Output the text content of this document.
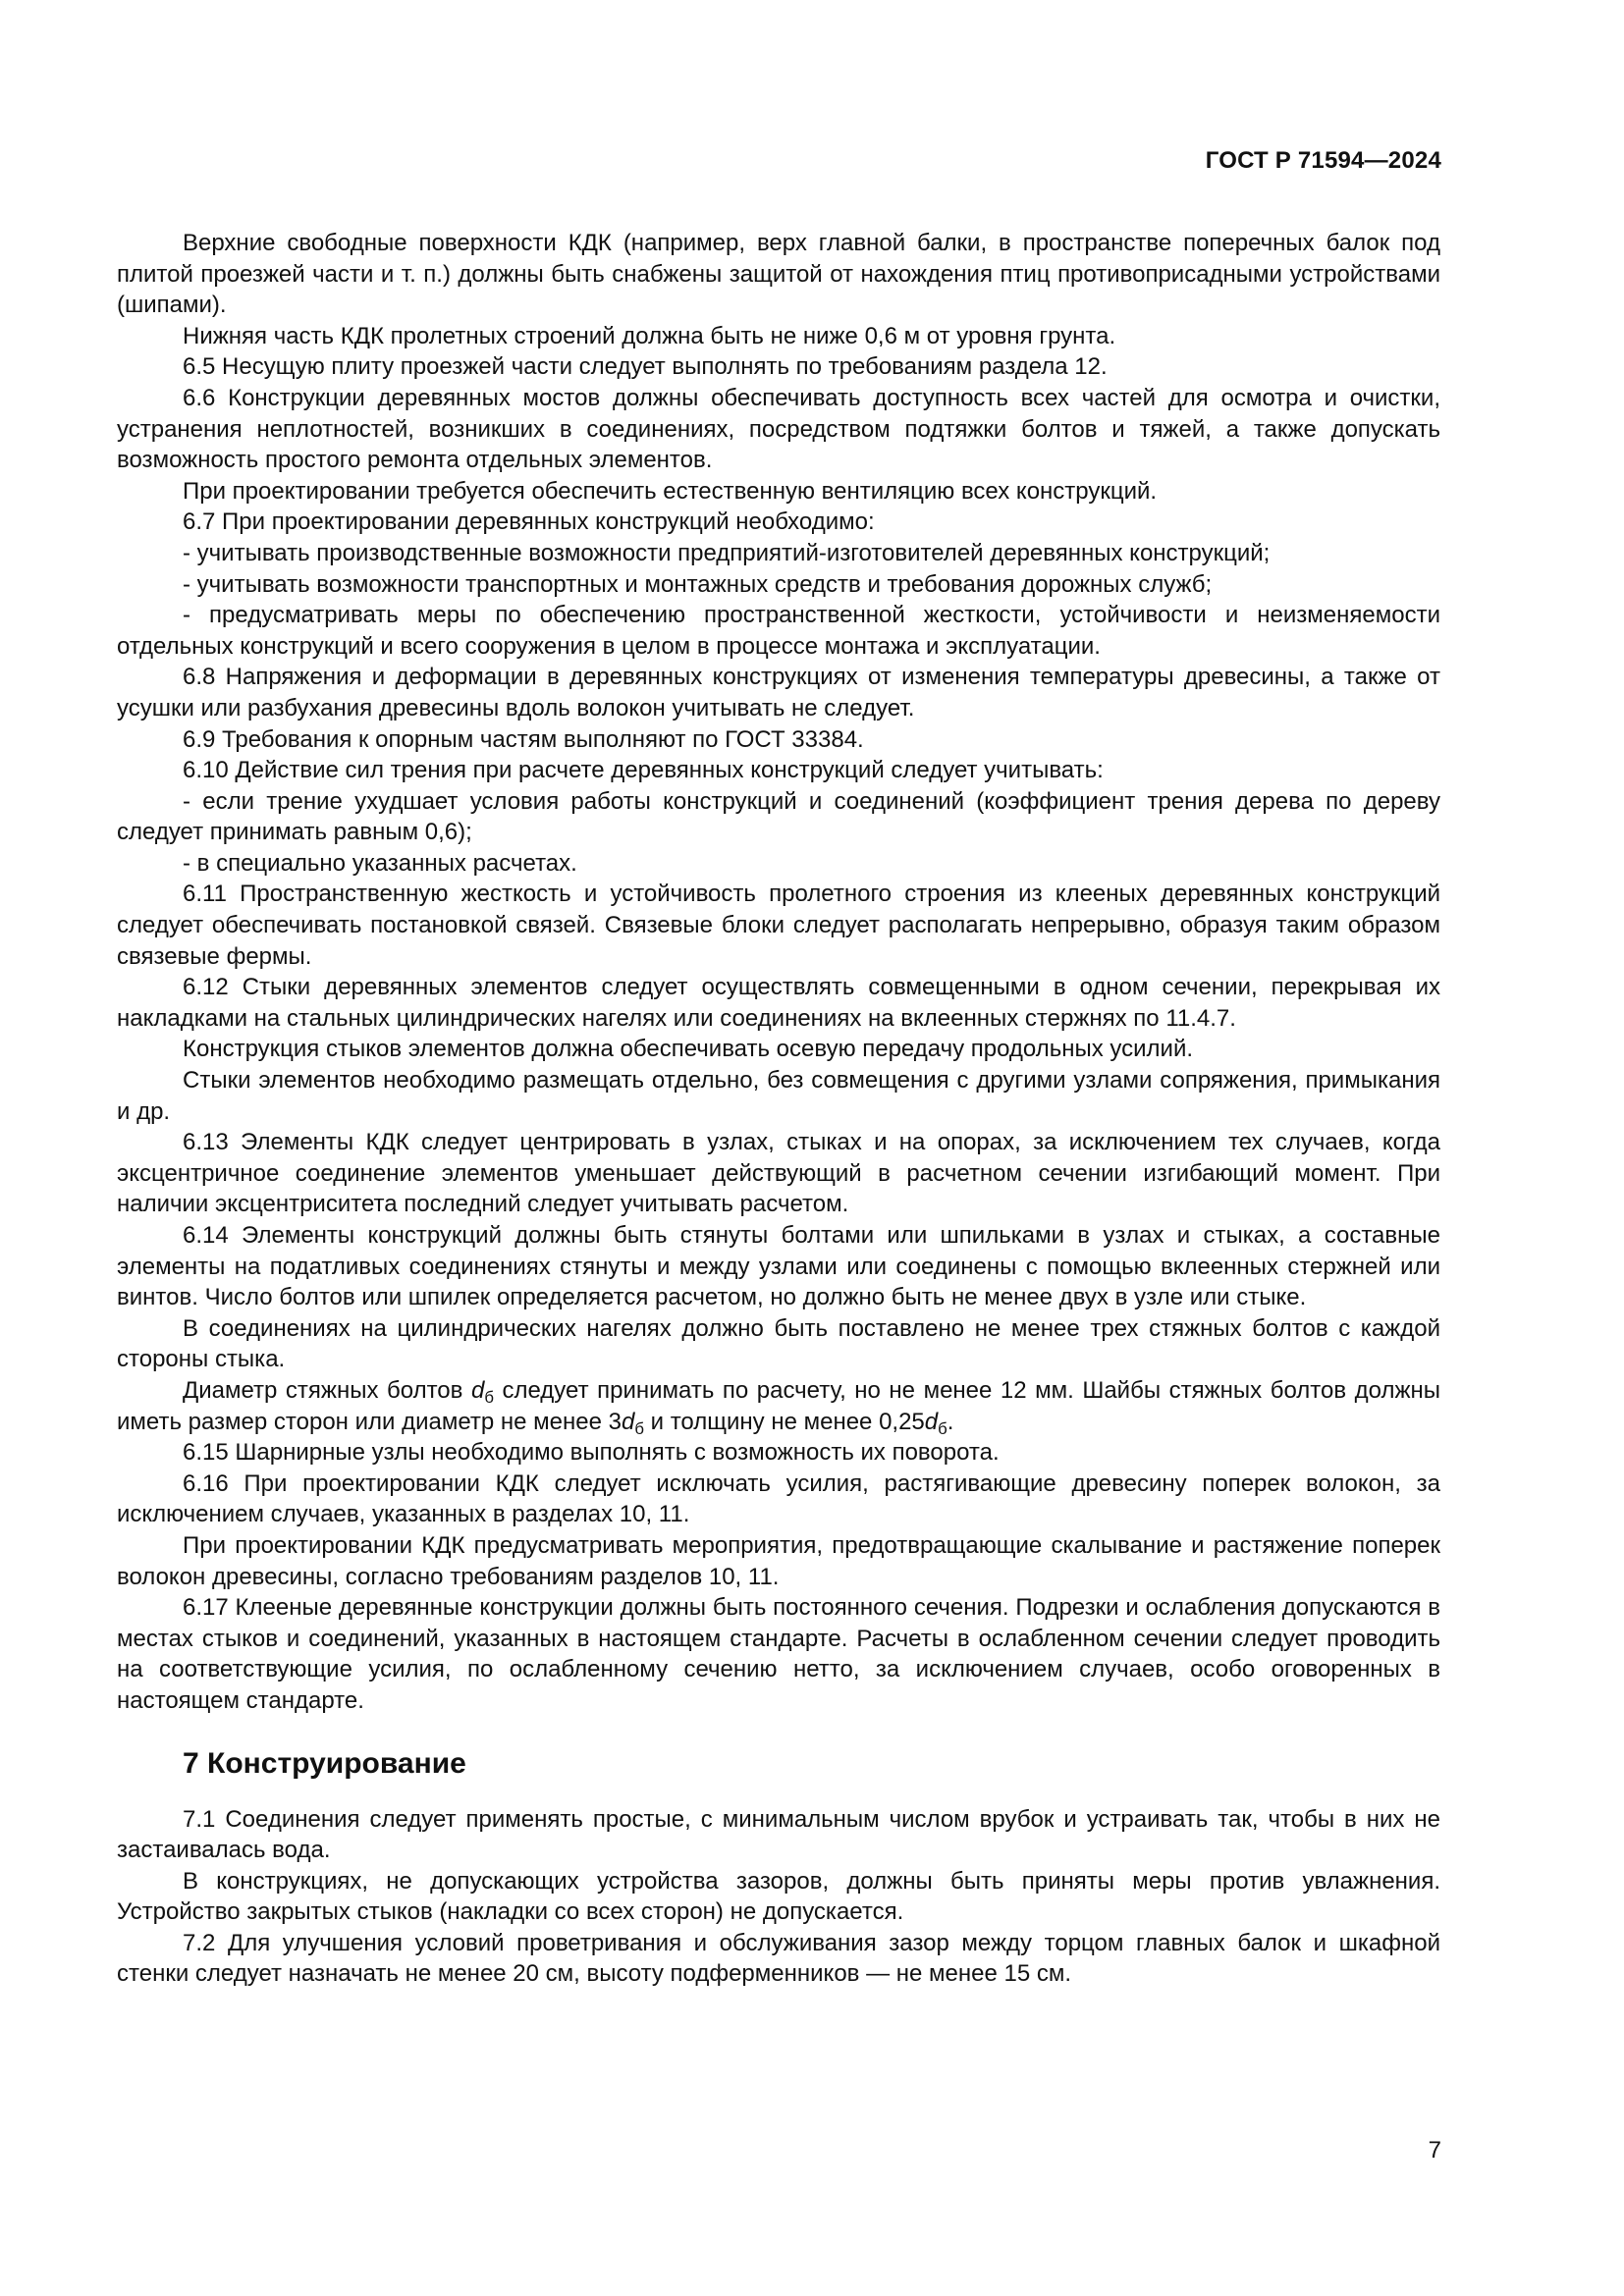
ГОСТ Р 71594—2024

Верхние свободные поверхности КДК (например, верх главной балки, в пространстве поперечных балок под плитой проезжей части и т. п.) должны быть снабжены защитой от нахождения птиц противоприсадными устройствами (шипами).

Нижняя часть КДК пролетных строений должна быть не ниже 0,6 м от уровня грунта.

6.5 Несущую плиту проезжей части следует выполнять по требованиям раздела 12.

6.6 Конструкции деревянных мостов должны обеспечивать доступность всех частей для осмотра и очистки, устранения неплотностей, возникших в соединениях, посредством подтяжки болтов и тяжей, а также допускать возможность простого ремонта отдельных элементов.

При проектировании требуется обеспечить естественную вентиляцию всех конструкций.

6.7 При проектировании деревянных конструкций необходимо:

- учитывать производственные возможности предприятий-изготовителей деревянных конструкций;

- учитывать возможности транспортных и монтажных средств и требования дорожных служб;

- предусматривать меры по обеспечению пространственной жесткости, устойчивости и неизменяемости отдельных конструкций и всего сооружения в целом в процессе монтажа и эксплуатации.

6.8 Напряжения и деформации в деревянных конструкциях от изменения температуры древесины, а также от усушки или разбухания древесины вдоль волокон учитывать не следует.

6.9 Требования к опорным частям выполняют по ГОСТ 33384.

6.10 Действие сил трения при расчете деревянных конструкций следует учитывать:

- если трение ухудшает условия работы конструкций и соединений (коэффициент трения дерева по дереву следует принимать равным 0,6);

- в специально указанных расчетах.

6.11 Пространственную жесткость и устойчивость пролетного строения из клееных деревянных конструкций следует обеспечивать постановкой связей. Связевые блоки следует располагать непрерывно, образуя таким образом связевые фермы.

6.12 Стыки деревянных элементов следует осуществлять совмещенными в одном сечении, перекрывая их накладками на стальных цилиндрических нагелях или соединениях на вклеенных стержнях по 11.4.7.

Конструкция стыков элементов должна обеспечивать осевую передачу продольных усилий.

Стыки элементов необходимо размещать отдельно, без совмещения с другими узлами сопряжения, примыкания и др.

6.13 Элементы КДК следует центрировать в узлах, стыках и на опорах, за исключением тех случаев, когда эксцентричное соединение элементов уменьшает действующий в расчетном сечении изгибающий момент. При наличии эксцентриситета последний следует учитывать расчетом.

6.14 Элементы конструкций должны быть стянуты болтами или шпильками в узлах и стыках, а составные элементы на податливых соединениях стянуты и между узлами или соединены с помощью вклеенных стержней или винтов. Число болтов или шпилек определяется расчетом, но должно быть не менее двух в узле или стыке.

В соединениях на цилиндрических нагелях должно быть поставлено не менее трех стяжных болтов с каждой стороны стыка.

Диаметр стяжных болтов $d_б$ следует принимать по расчету, но не менее 12 мм. Шайбы стяжных болтов должны иметь размер сторон или диаметр не менее $3d_б$ и толщину не менее $0,25d_б$.

6.15 Шарнирные узлы необходимо выполнять с возможность их поворота.

6.16 При проектировании КДК следует исключать усилия, растягивающие древесину поперек волокон, за исключением случаев, указанных в разделах 10, 11.

При проектировании КДК предусматривать мероприятия, предотвращающие скалывание и растяжение поперек волокон древесины, согласно требованиям разделов 10, 11.

6.17 Клееные деревянные конструкции должны быть постоянного сечения. Подрезки и ослабления допускаются в местах стыков и соединений, указанных в настоящем стандарте. Расчеты в ослабленном сечении следует проводить на соответствующие усилия, по ослабленному сечению нетто, за исключением случаев, особо оговоренных в настоящем стандарте.

7 Конструирование

7.1 Соединения следует применять простые, с минимальным числом врубок и устраивать так, чтобы в них не застаивалась вода.

В конструкциях, не допускающих устройства зазоров, должны быть приняты меры против увлажнения. Устройство закрытых стыков (накладки со всех сторон) не допускается.

7.2 Для улучшения условий проветривания и обслуживания зазор между торцом главных балок и шкафной стенки следует назначать не менее 20 см, высоту подферменников — не менее 15 см.

7
